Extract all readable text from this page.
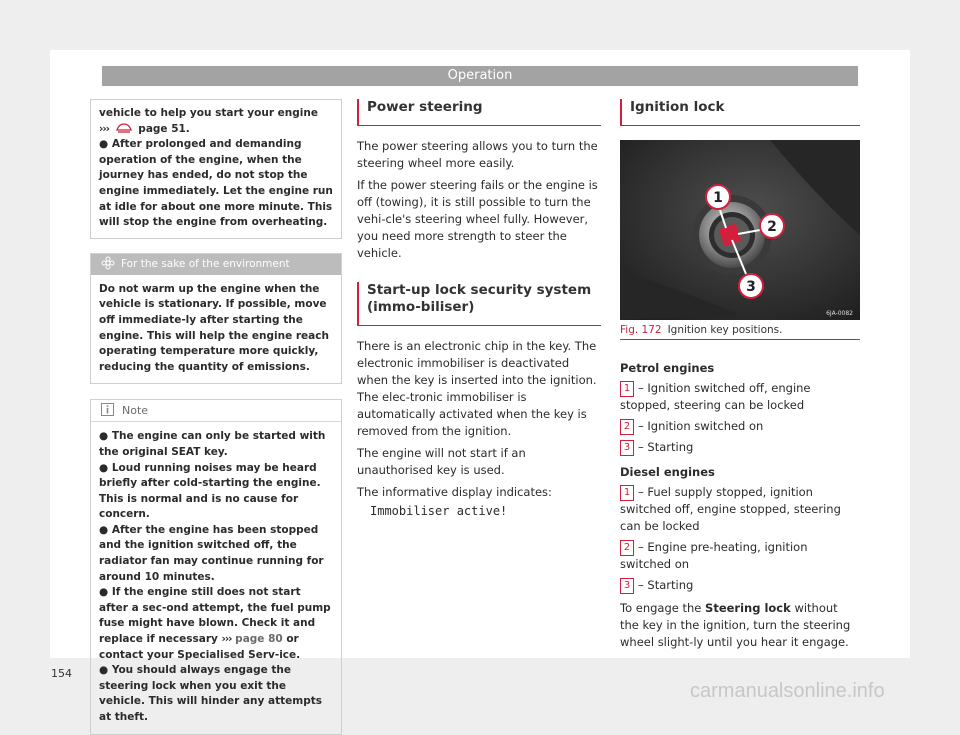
Operation

vehicle to help you start your engine
›››	page 51.

● After prolonged and demanding operation of the engine, when the journey has ended, do not stop the engine immediately. Let the engine run at idle for about one more minute. This will stop the engine from overheating.

For the sake of the environment
Do not warm up the engine when the vehicle is stationary. If possible, move off immediate-ly after starting the engine. This will help the engine reach operating temperature more quickly, reducing the quantity of emissions.
Note

● The engine can only be started with the original SEAT key.

● Loud running noises may be heard briefly after cold-starting the engine. This is normal and is no cause for concern.

● After the engine has been stopped and the ignition switched off, the radiator fan may continue running for around 10 minutes.

● If the engine still does not start after a sec-ond attempt, the fuel pump fuse might have blown. Check it and replace if necessary ››› page 80 or contact your Specialised Serv-ice.

● You should always engage the steering lock when you exit the vehicle. This will hinder any attempts at theft.

Power steering

The power steering allows you to turn the steering wheel more easily.

If the power steering fails or the engine is off (towing), it is still possible to turn the vehi-cle's steering wheel fully. However, you need more strength to steer the vehicle.

Start-up lock security system (immo-biliser)

There is an electronic chip in the key. The electronic immobiliser is deactivated when the key is inserted into the ignition. The elec-tronic immobiliser is automatically activated when the key is removed from the ignition.

The engine will not start if an unauthorised key is used.

The informative display indicates:

Immobiliser active!

Ignition lock
1
2
3
6JA-0082
Fig. 172 Ignition key positions.

Petrol engines

1 – Ignition switched off, engine stopped, steering can be locked

2 – Ignition switched on

3 – Starting

Diesel engines

1 – Fuel supply stopped, ignition switched off, engine stopped, steering can be locked

2 – Engine pre-heating, ignition switched on

3 – Starting

To engage the Steering lock without the key in the ignition, turn the steering wheel slight-ly until you hear it engage.

154
carmanualsonline.info
